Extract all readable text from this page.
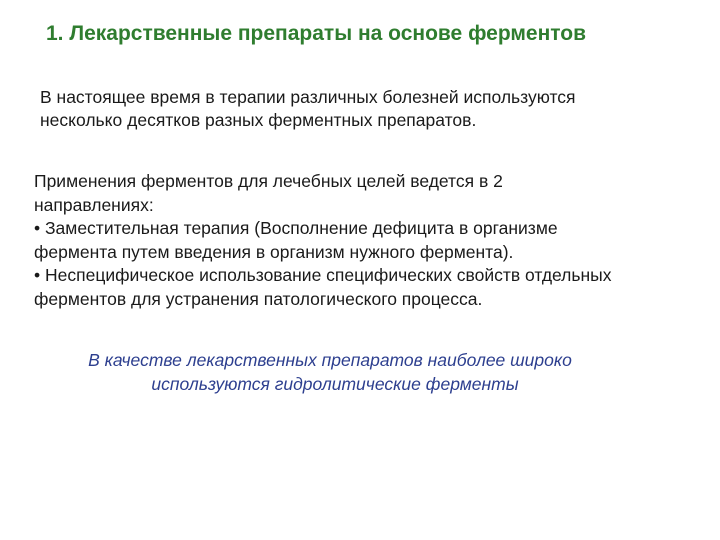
1. Лекарственные препараты на основе ферментов

В настоящее время в терапии различных болезней используются
несколько десятков разных ферментных препаратов.

Применения ферментов для лечебных целей ведется в 2
направлениях:
• Заместительная терапия (Восполнение дефицита в организме
фермента путем введения в организм нужного фермента).
• Неспецифическое использование специфических свойств отдельных
ферментов для устранения патологического процесса.

В качестве лекарственных препаратов наиболее широко
используются гидролитические ферменты
